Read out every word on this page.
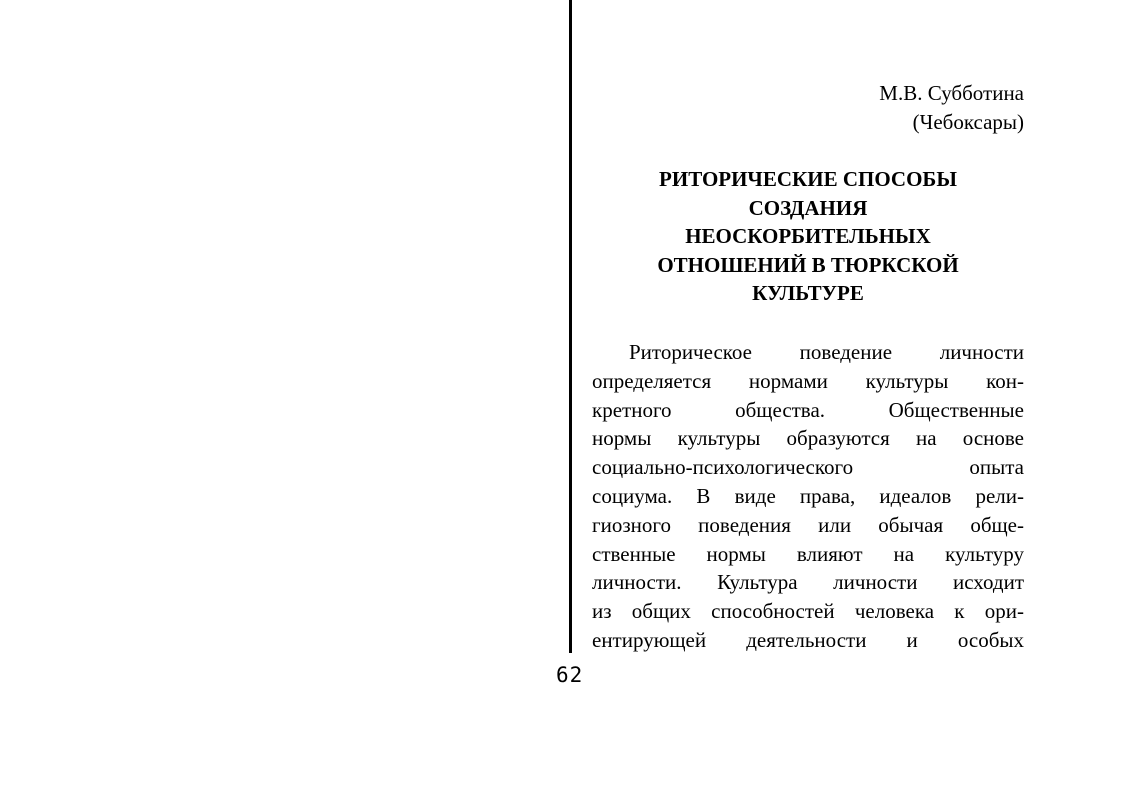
М.В. Субботина
(Чебоксары)
РИТОРИЧЕСКИЕ СПОСОБЫ
СОЗДАНИЯ
НЕОСКОРБИТЕЛЬНЫХ
ОТНОШЕНИЙ В ТЮРКСКОЙ
КУЛЬТУРЕ
Риторическое поведение личности
определяется нормами культуры кон-
кретного общества. Общественные
нормы культуры образуются на основе
социально-психологического опыта
социума. В виде права, идеалов рели-
гиозного поведения или обычая обще-
ственные нормы влияют на культуру
личности. Культура личности исходит
из общих способностей человека к ори-
ентирующей деятельности и особых
62
